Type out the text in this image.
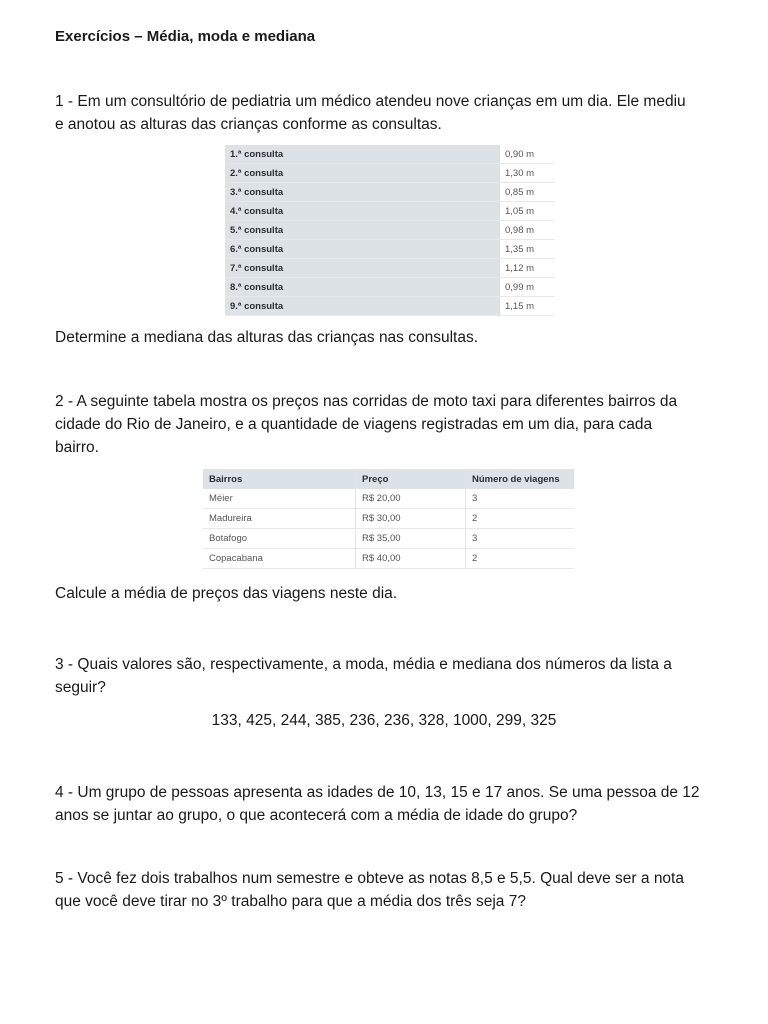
Exercícios – Média, moda e mediana
1 - Em um consultório de pediatria um médico atendeu nove crianças em um dia. Ele mediu
e anotou as alturas das crianças conforme as consultas.
1.ª consulta	0,90 m
2.ª consulta	1,30 m
3.ª consulta	0,85 m
4.ª consulta	1,05 m
5.ª consulta	0,98 m
6.ª consulta	1,35 m
7.ª consulta	1,12 m
8.ª consulta	0,99 m
9.ª consulta	1,15 m
Determine a mediana das alturas das crianças nas consultas.
2 - A seguinte tabela mostra os preços nas corridas de moto taxi para diferentes bairros da
cidade do Rio de Janeiro, e a quantidade de viagens registradas em um dia, para cada
bairro.
Bairros	Preço	Número de viagens
Méier	R$ 20,00	3
Madureira	R$ 30,00	2
Botafogo	R$ 35,00	3
Copacabana	R$ 40,00	2
Calcule a média de preços das viagens neste dia.
3 - Quais valores são, respectivamente, a moda, média e mediana dos números da lista a
seguir?
133, 425, 244, 385, 236, 236, 328, 1000, 299, 325
4 - Um grupo de pessoas apresenta as idades de 10, 13, 15 e 17 anos. Se uma pessoa de 12
anos se juntar ao grupo, o que acontecerá com a média de idade do grupo?
5 - Você fez dois trabalhos num semestre e obteve as notas 8,5 e 5,5. Qual deve ser a nota
que você deve tirar no 3º trabalho para que a média dos três seja 7?
